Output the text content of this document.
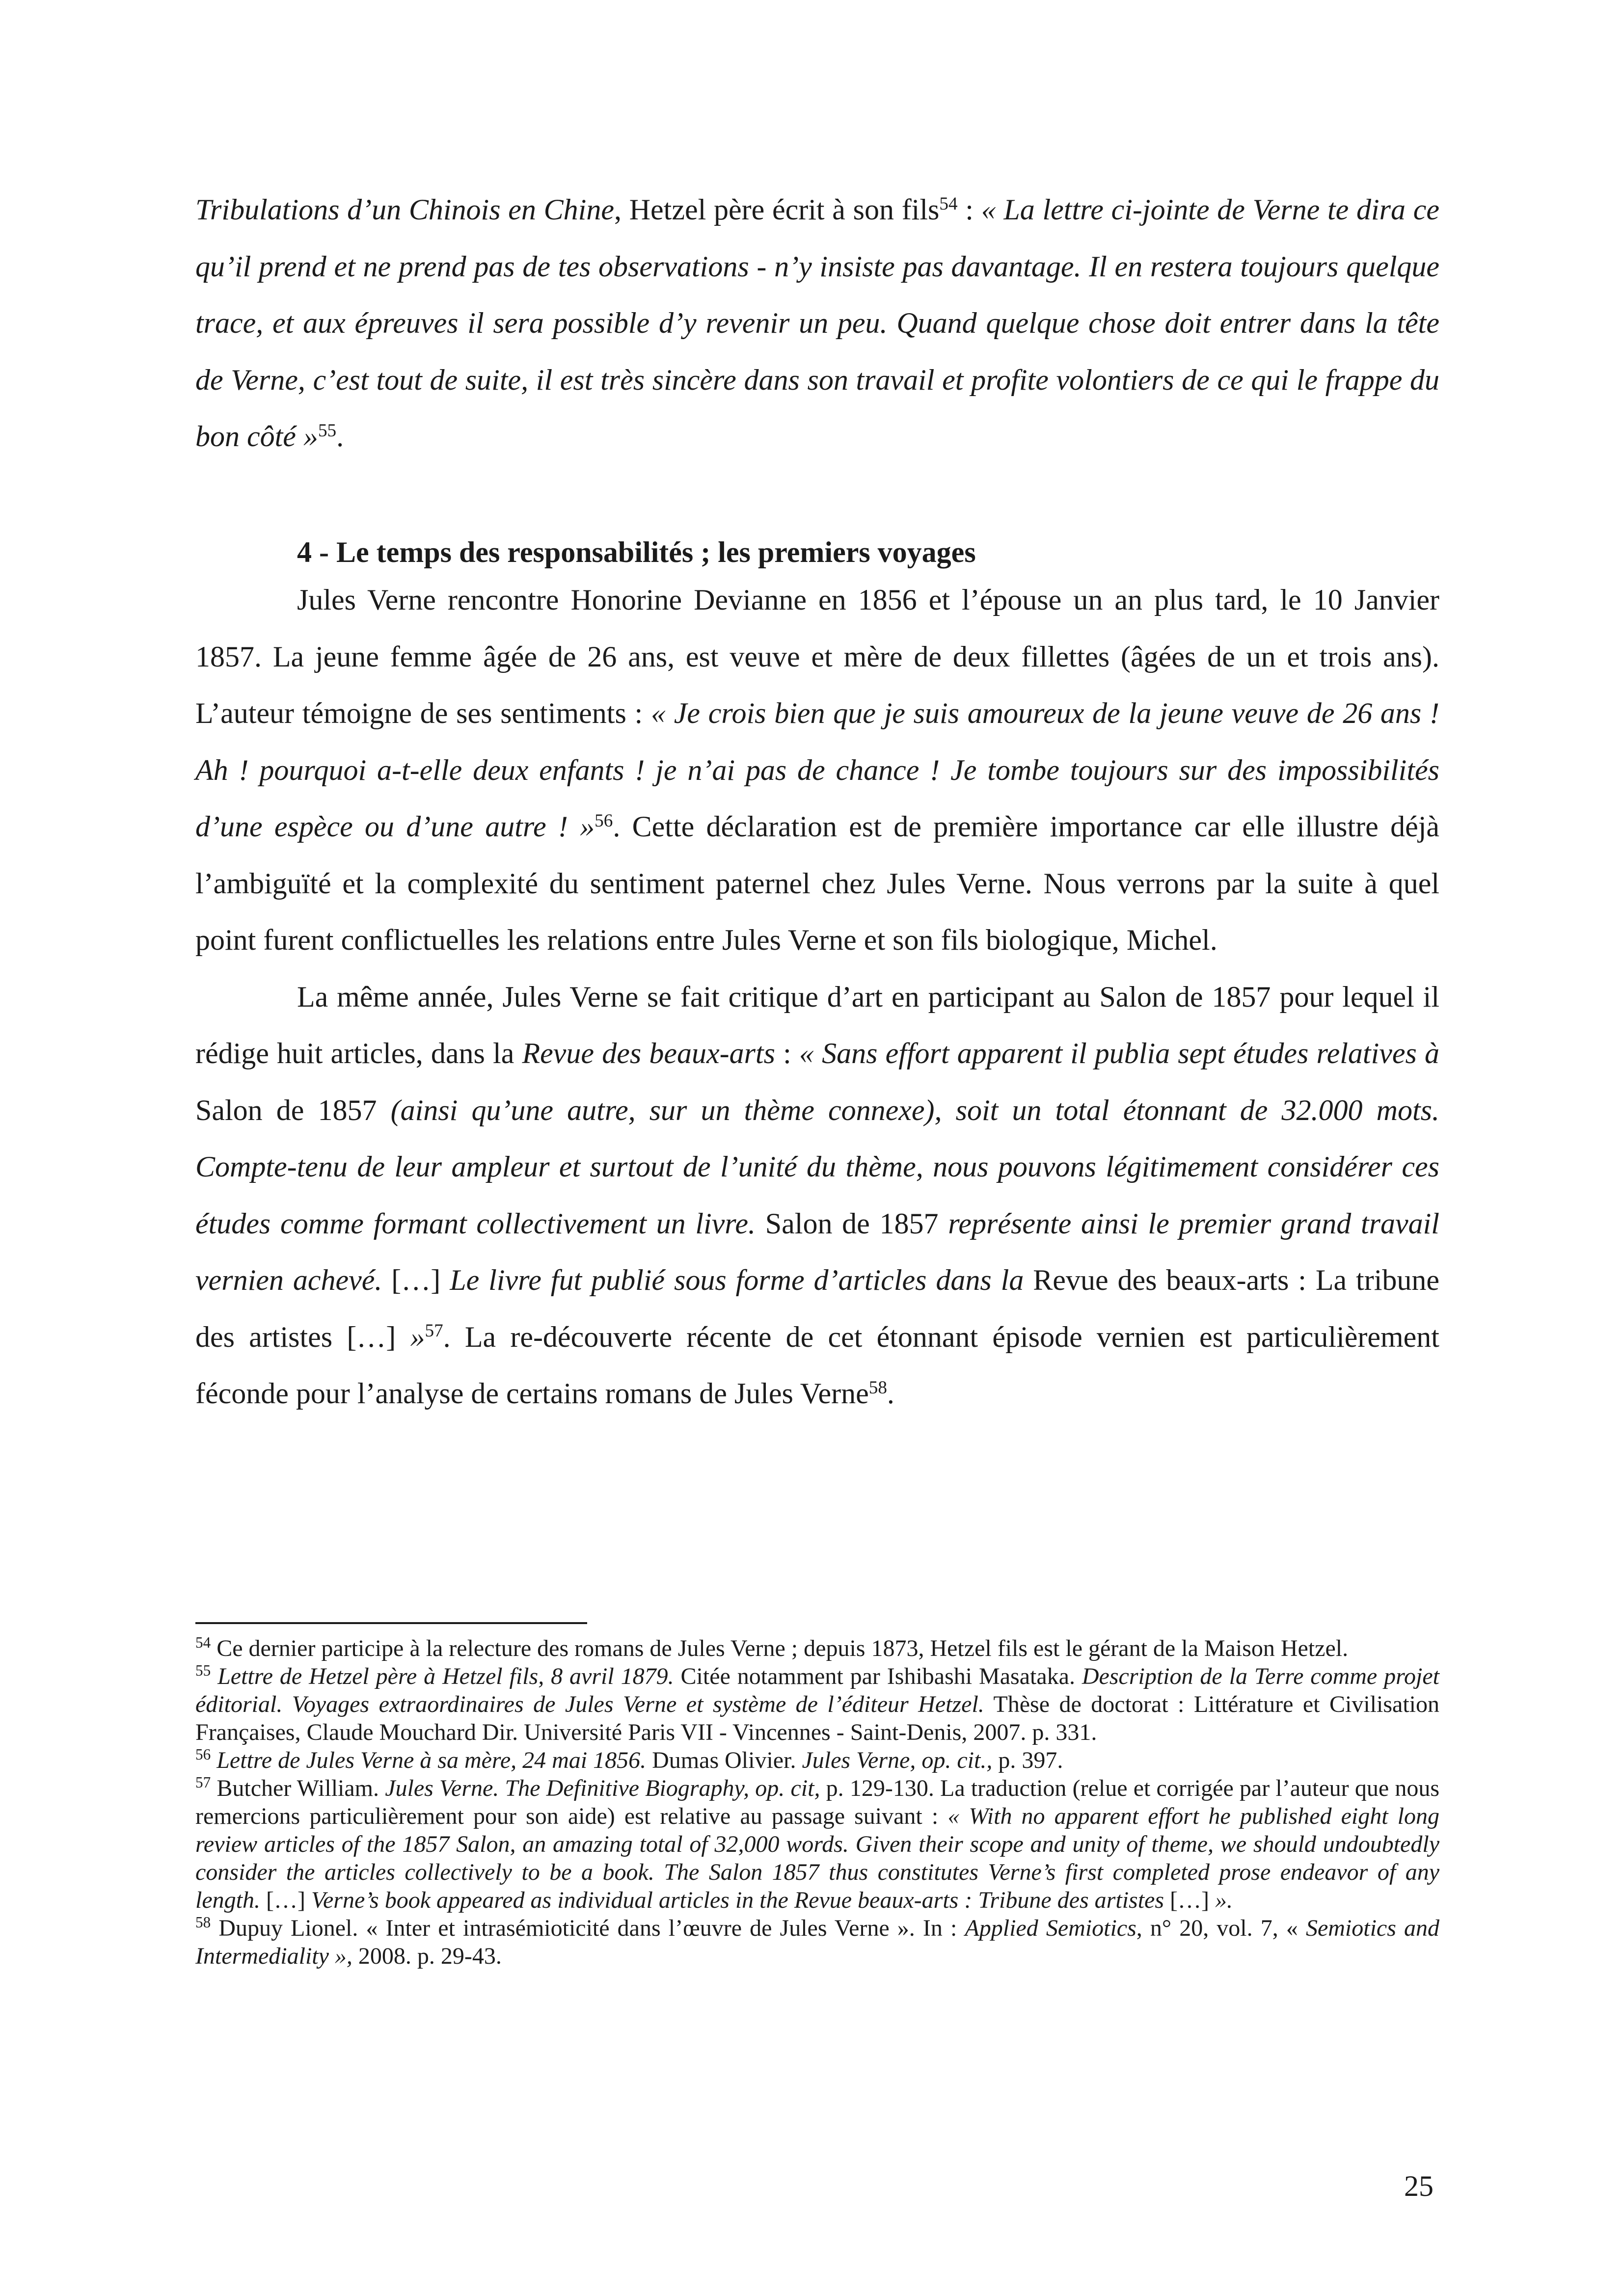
Tribulations d’un Chinois en Chine, Hetzel père écrit à son fils$^{54}$ : « La lettre ci-jointe de Verne te dira ce qu’il prend et ne prend pas de tes observations - n’y insiste pas davantage. Il en restera toujours quelque trace, et aux épreuves il sera possible d’y revenir un peu. Quand quelque chose doit entrer dans la tête de Verne, c’est tout de suite, il est très sincère dans son travail et profite volontiers de ce qui le frappe du bon côté »$^{55}$.

4 - Le temps des responsabilités ; les premiers voyages

Jules Verne rencontre Honorine Devianne en 1856 et l’épouse un an plus tard, le 10 Janvier 1857. La jeune femme âgée de 26 ans, est veuve et mère de deux fillettes (âgées de un et trois ans). L’auteur témoigne de ses sentiments : « Je crois bien que je suis amoureux de la jeune veuve de 26 ans ! Ah ! pourquoi a-t-elle deux enfants ! je n’ai pas de chance ! Je tombe toujours sur des impossibilités d’une espèce ou d’une autre ! »$^{56}$. Cette déclaration est de première importance car elle illustre déjà l’ambiguïté et la complexité du sentiment paternel chez Jules Verne. Nous verrons par la suite à quel point furent conflictuelles les relations entre Jules Verne et son fils biologique, Michel.

La même année, Jules Verne se fait critique d’art en participant au Salon de 1857 pour lequel il rédige huit articles, dans la Revue des beaux-arts : « Sans effort apparent il publia sept études relatives à Salon de 1857 (ainsi qu’une autre, sur un thème connexe), soit un total étonnant de 32.000 mots. Compte-tenu de leur ampleur et surtout de l’unité du thème, nous pouvons légitimement considérer ces études comme formant collectivement un livre. Salon de 1857 représente ainsi le premier grand travail vernien achevé. […] Le livre fut publié sous forme d’articles dans la Revue des beaux-arts : La tribune des artistes […] »$^{57}$. La re-découverte récente de cet étonnant épisode vernien est particulièrement féconde pour l’analyse de certains romans de Jules Verne$^{58}$.

$^{54}$ Ce dernier participe à la relecture des romans de Jules Verne ; depuis 1873, Hetzel fils est le gérant de la Maison Hetzel.

$^{55}$ Lettre de Hetzel père à Hetzel fils, 8 avril 1879. Citée notamment par Ishibashi Masataka. Description de la Terre comme projet éditorial. Voyages extraordinaires de Jules Verne et système de l’éditeur Hetzel. Thèse de doctorat : Littérature et Civilisation Françaises, Claude Mouchard Dir. Université Paris VII - Vincennes - Saint-Denis, 2007. p. 331.

$^{56}$ Lettre de Jules Verne à sa mère, 24 mai 1856. Dumas Olivier. Jules Verne, op. cit., p. 397.

$^{57}$ Butcher William. Jules Verne. The Definitive Biography, op. cit, p. 129-130. La traduction (relue et corrigée par l’auteur que nous remercions particulièrement pour son aide) est relative au passage suivant : « With no apparent effort he published eight long review articles of the 1857 Salon, an amazing total of 32,000 words. Given their scope and unity of theme, we should undoubtedly consider the articles collectively to be a book. The Salon 1857 thus constitutes Verne’s first completed prose endeavor of any length. […] Verne’s book appeared as individual articles in the Revue beaux-arts : Tribune des artistes […] ».

$^{58}$ Dupuy Lionel. « Inter et intrasémioticité dans l’œuvre de Jules Verne ». In : Applied Semiotics, n° 20, vol. 7, « Semiotics and Intermediality », 2008. p. 29-43.

25
